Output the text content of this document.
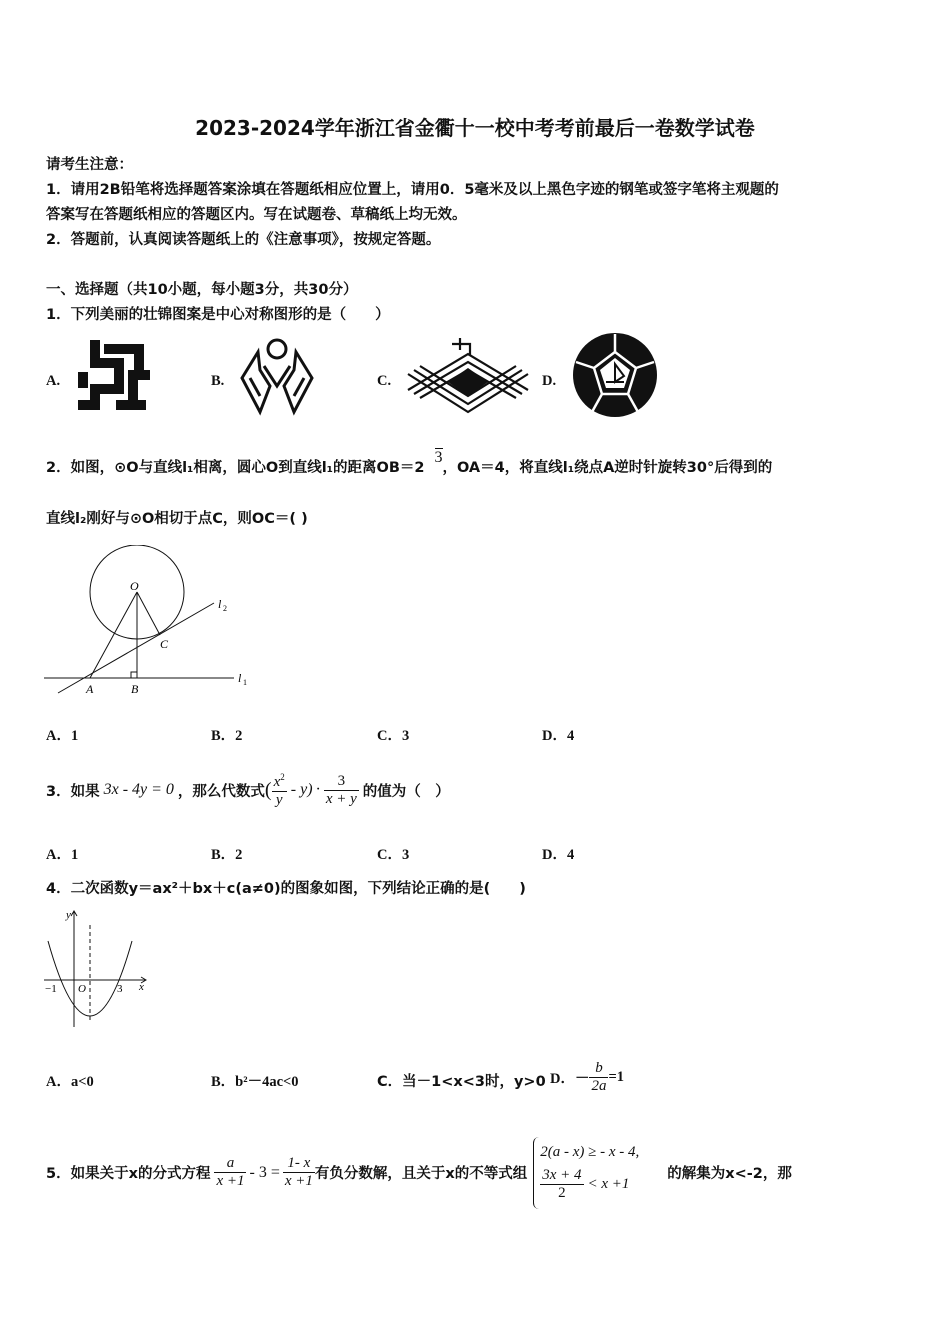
2023-2024学年浙江省金衢十一校中考考前最后一卷数学试卷
请考生注意：
1．请用2B铅笔将选择题答案涂填在答题纸相应位置上，请用0．5毫米及以上黑色字迹的钢笔或签字笔将主观题的
答案写在答题纸相应的答题区内。写在试题卷、草稿纸上均无效。
2．答题前，认真阅读答题纸上的《注意事项》，按规定答题。
一、选择题（共10小题，每小题3分，共30分）
1．下列美丽的壮锦图案是中心对称图形的是（　　）
A.	B.	C.	D.
2．如图，⊙O与直线l₁相离，圆心O到直线l₁的距离OB＝23，OA＝4，将直线l₁绕点A逆时针旋转30°后得到的
直线l₂刚好与⊙O相切于点C，则OC＝( )
O
C
A	B
l 1
l 2
A．1	B．2	C．3	D．4
3．如果 3x - 4y = 0 ，那么代数式 ( $\frac{x^2}{y} - y) \cdot \frac{3}{x + y}$ 的值为（　）
A．1	B．2	C．3	D．4
4．二次函数y＝ax²＋bx＋c(a≠0)的图象如图，下列结论正确的是(　　)
y
x
O
−1	3
A．a<0	B．b²－4ac<0	C．当－1<x<3时，y>0 D．－ $\frac{b}{2a} =1$
5．如果关于x的分式方程 $\frac{a}{x +1} - 3 = \frac{1- x}{x +1}$ 有负分数解，且关于x的不等式组
2(a - x) ≥ - x - 4,
$\frac{3x + 4}{2} < x +1$
的解集为x<-2，那
